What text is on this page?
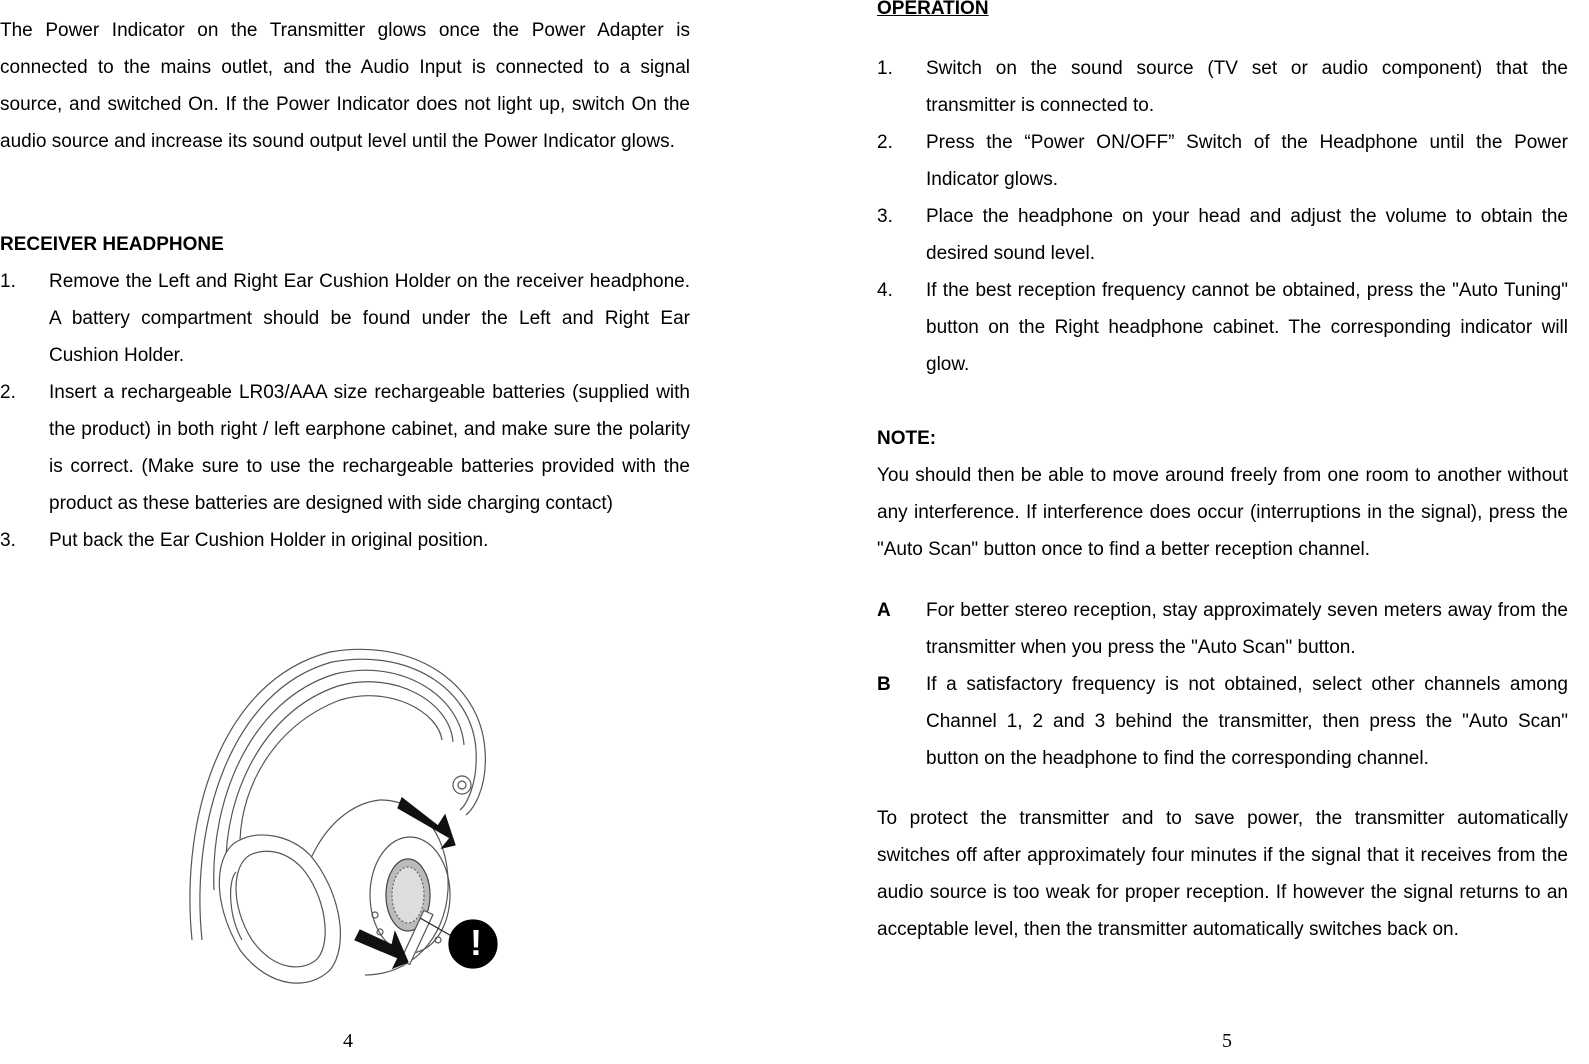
The Power Indicator on the Transmitter glows once the Power Adapter is connected to the mains outlet, and the Audio Input is connected to a signal source, and switched On. If the Power Indicator does not light up, switch On the audio source and increase its sound output level until the Power Indicator glows.

RECEIVER HEADPHONE
1.	Remove the Left and Right Ear Cushion Holder on the receiver headphone. A battery compartment should be found under the Left and Right Ear Cushion Holder.
2.	Insert a rechargeable LR03/AAA size rechargeable batteries (supplied with the product) in both right / left earphone cabinet, and make sure the polarity is correct. (Make sure to use the rechargeable batteries provided with the product as these batteries are designed with side charging contact)
3.	Put back the Ear Cushion Holder in original position.
!
4
OPERATION
1.	Switch on the sound source (TV set or audio component) that the transmitter is connected to.
2.	Press the “Power ON/OFF” Switch of the Headphone until the Power Indicator glows.
3.	Place the headphone on your head and adjust the volume to obtain the desired sound level.
4.	If the best reception frequency cannot be obtained, press the "Auto Tuning" button on the Right headphone cabinet. The corresponding indicator will glow.
NOTE:

You should then be able to move around freely from one room to another without any interference. If interference does occur (interruptions in the signal), press the "Auto Scan" button once to find a better reception channel.

A	For better stereo reception, stay approximately seven meters away from the transmitter when you press the "Auto Scan" button.
B	If a satisfactory frequency is not obtained, select other channels among Channel 1, 2 and 3 behind the transmitter, then press the "Auto Scan" button on the headphone to find the corresponding channel.

To protect the transmitter and to save power, the transmitter automatically switches off after approximately four minutes if the signal that it receives from the audio source is too weak for proper reception. If however the signal returns to an acceptable level, then the transmitter automatically switches back on.

5
